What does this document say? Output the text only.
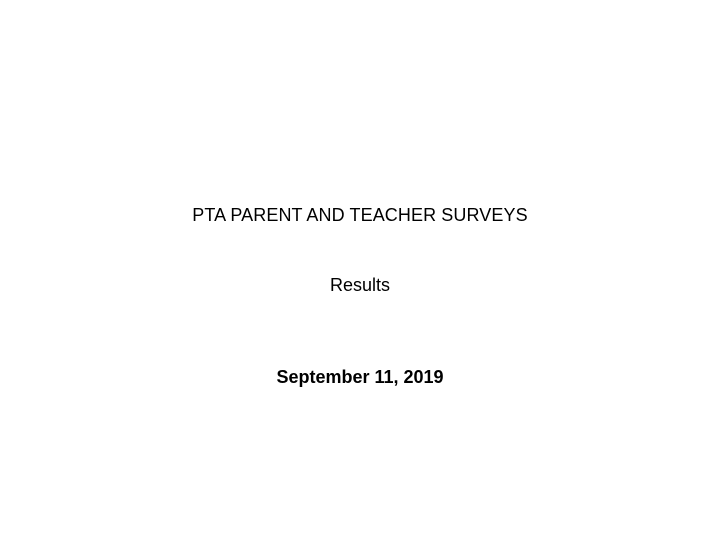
PTA PARENT AND TEACHER SURVEYS
Results
September 11, 2019
